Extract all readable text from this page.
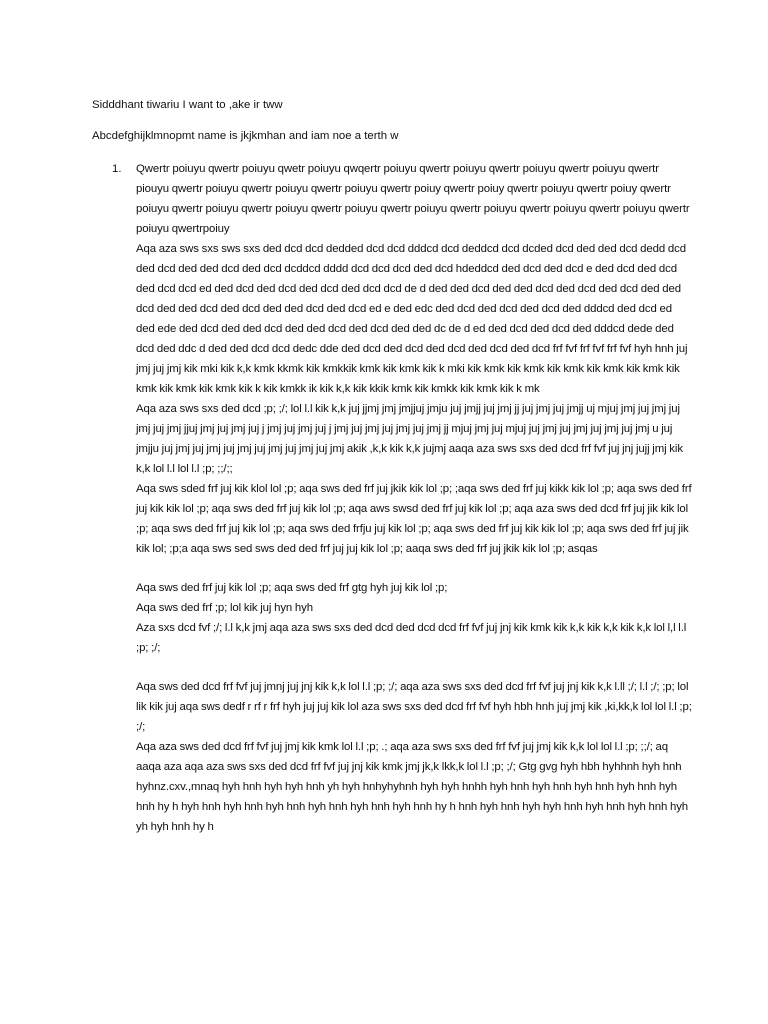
Sidddhant tiwariu I want to ,ake ir tww

Abcdefghijklmnopmt name is jkjkmhan and iam noe a terth w

1. Qwertr poiuyu qwertr poiuyu qwetr poiuyu qwqertr poiuyu qwertr poiuyu qwertr poiuyu qwertr poiuyu qwertr piouyu qwertr poiuyu qwertr poiuyu qwertr poiuyu qwertr poiuy qwertr poiuy qwertr poiuyu qwertr poiuy qwertr poiuyu qwertr poiuyu qwertr poiuyu qwertr poiuyu qwertr poiuyu qwertr poiuyu qwertr poiuyu qwertr poiuyu qwertr poiuyu qwertrpoiuy

Aqa aza sws sxs sws sxs ded dcd dcd dedded dcd dcd dddcd dcd deddcd dcd dcded dcd ded ded dcd dedd dcd ded dcd ded ded dcd ded dcd dcddcd dddd dcd dcd dcd ded dcd hdeddcd ded dcd ded dcd e ded dcd ded dcd ded dcd dcd ed ded dcd ded dcd ded dcd ded dcd dcd de d ded ded dcd ded ded dcd ded dcd ded dcd ded ded dcd ded ded dcd ded dcd ded ded dcd ded dcd ed e ded edc ded dcd ded dcd ded dcd ded dddcd ded dcd ed ded ede ded dcd ded ded dcd ded ded dcd ded dcd ded ded dc de d ed ded dcd ded dcd ded dddcd dede ded dcd ded ddc d ded ded dcd dcd dedc dde ded dcd ded dcd ded dcd ded dcd ded dcd frf fvf frf fvf frf fvf hyh hnh juj jmj juj jmj kik mki kik k,k kmk kkmk kik kmkkik kmk kik kmk kik k mki kik kmk kik kmk kik kmk kik kmk kik kmk kik kmk kik kmk kik kmk kik k kik kmkk ik kik k,k kik kkik kmk kik kmkk kik kmk kik k mk

Aqa aza sws sxs ded dcd ;p; ;/; lol l.l kik k,k juj jjmj jmj jmjjuj jmju juj jmjj juj jmj jj juj jmj juj jmjj uj mjuj jmj juj jmj juj jmj juj jmj jjuj jmj juj jmj juj j jmj juj jmj juj j jmj juj jmj juj jmj juj jmj jj mjuj jmj juj mjuj juj jmj juj jmj juj jmj juj jmj u juj jmjju juj jmj juj jmj juj jmj juj jmj juj jmj juj jmj akik ,k,k kik k,k jujmj aaqa aza sws sxs ded dcd frf fvf juj jnj jujj jmj kik k,k lol l.l lol l.l ;p; ;;/;;

Aqa sws sded frf juj kik klol lol ;p; aqa sws ded frf juj jkik kik lol ;p; ;aqa sws ded frf juj kikk kik lol ;p; aqa sws ded frf juj kik kik lol ;p; aqa sws ded frf juj kik lol ;p; aqa aws swsd ded frf juj kik lol ;p; aqa aza sws ded dcd frf juj jik kik lol ;p; aqa sws ded frf juj kik lol ;p; aqa sws ded frfju juj kik lol ;p; aqa sws ded frf juj kik kik lol ;p; aqa sws ded frf juj jik kik lol; ;p;a aqa sws sed sws ded ded frf juj juj kik lol ;p; aaqa sws ded frf juj jkik kik lol ;p; asqas

Aqa sws ded frf juj kik lol ;p; aqa sws ded frf gtg hyh juj kik lol ;p;

Aqa sws ded frf ;p; lol kik juj hyn hyh

Aza sxs dcd fvf ;/; l.l k,k jmj aqa aza sws sxs ded dcd ded dcd dcd frf fvf juj jnj kik kmk kik k,k kik k,k kik k,k lol l,l l.l ;p; ;/;

Aqa sws ded dcd frf fvf juj jmnj juj jnj kik k,k lol l.l ;p; ;/; aqa aza sws sxs ded dcd frf fvf juj jnj kik k,k l.ll ;/; l.l ;/; ;p; lol lik kik juj aqa sws dedf r rf r frf hyh juj juj kik lol aza sws sxs ded dcd frf fvf hyh hbh hnh juj jmj kik ,ki,kk,k lol lol l.l ;p; ;/;

Aqa aza sws ded dcd frf fvf juj jmj kik kmk lol l.l ;p; .; aqa aza sws sxs ded frf fvf juj jmj kik k,k lol lol l.l ;p; ;;/; aq aaqa aza aqa aza sws sxs ded dcd frf fvf juj jnj kik kmk jmj jk,k lkk,k lol l.l ;p; ;/; Gtg gvg hyh hbh hyhhnh hyh hnh hyhnz.cxv.,mnaq hyh hnh hyh hyh hnh yh hyh hnhyhyhnh hyh hyh hnhh hyh hnh hyh hnh hyh hnh hyh hnh hyh hnh hy h hyh hnh hyh hnh hyh hnh hyh hnh hyh hnh hyh hnh hy h hnh hyh hnh hyh hyh hnh hyh hnh hyh hnh hyh yh hyh hnh hy h
